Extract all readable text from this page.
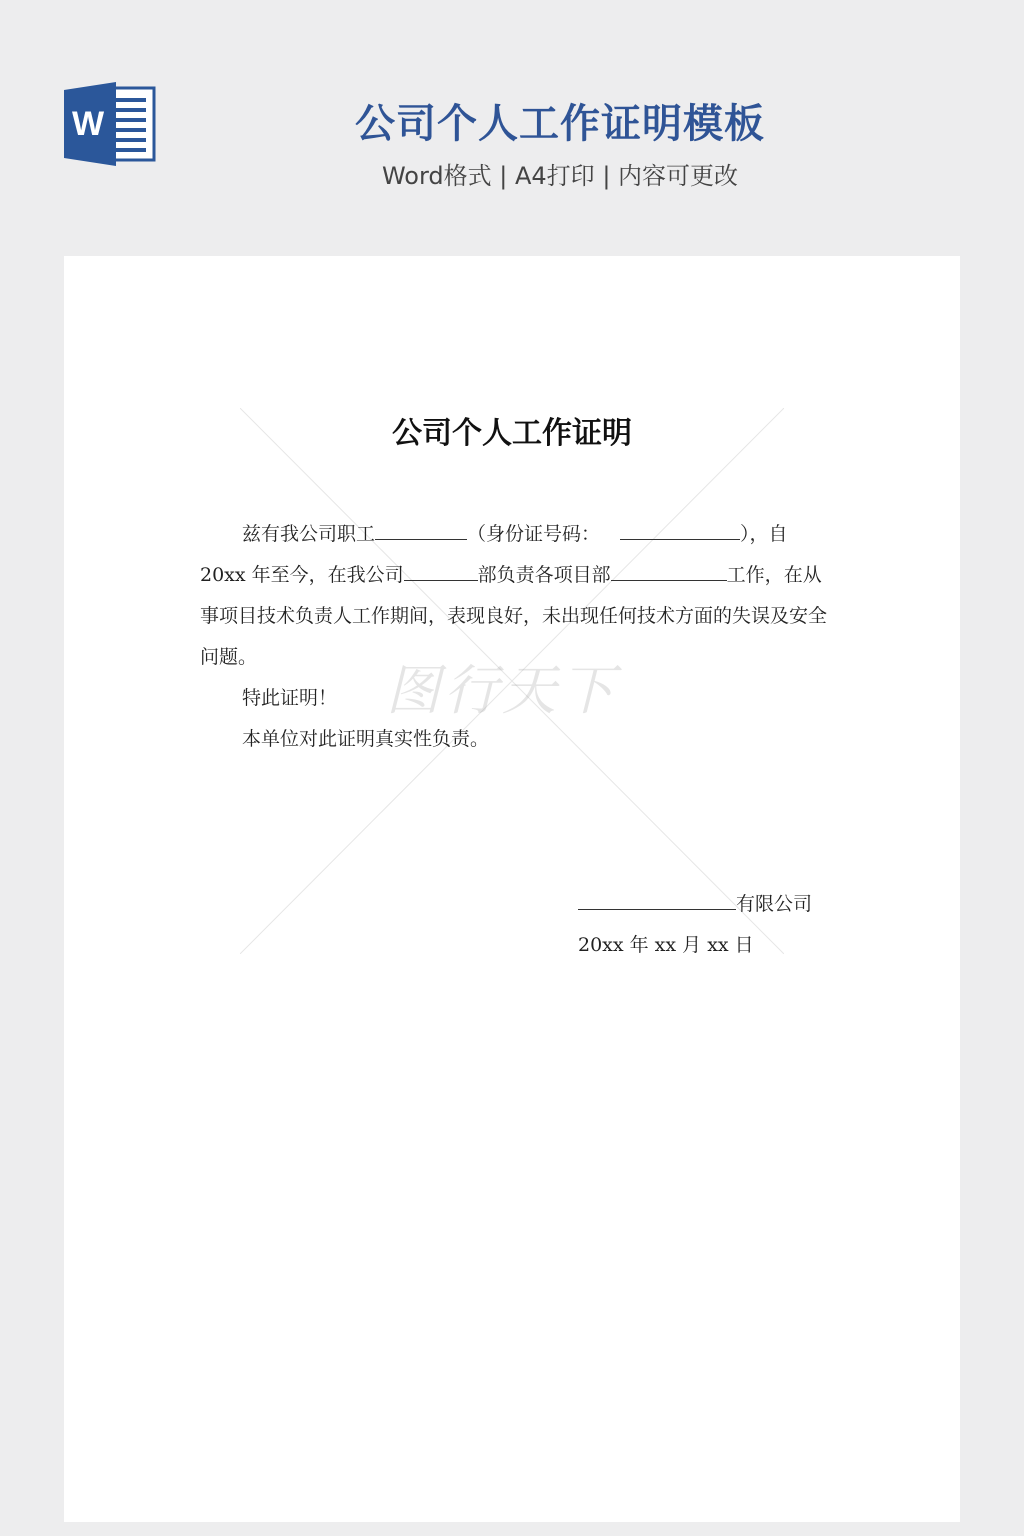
W	公司个人工作证明模板
Word格式 | A4打印 | 内容可更改
图行天下
公司个人工作证明

兹有我公司职工	（身份证号码：	），自20xx 年至今，在我公司	部负责各项目部	工作，在从事项目技术负责人工作期间，表现良好，未出现任何技术方面的失误及安全问题。

特此证明！

本单位对此证明真实性负责。

有限公司

20xx 年 xx 月 xx 日
